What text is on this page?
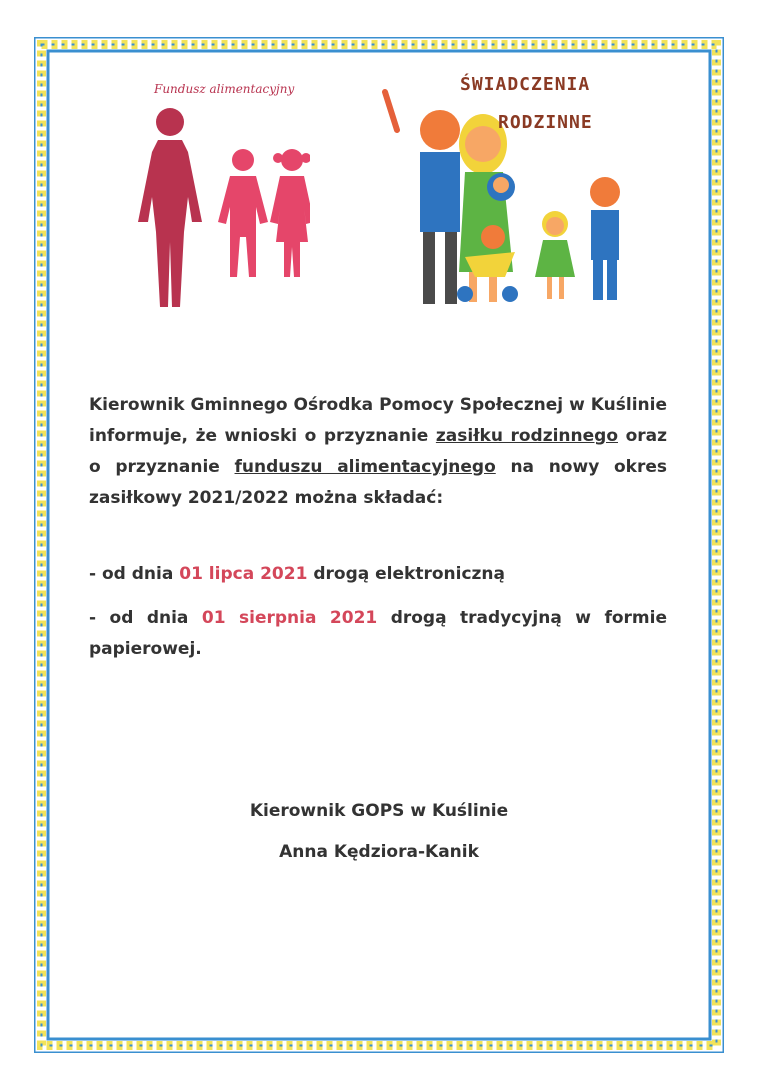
Fundusz alimentacyjny	ŚWIADCZENIA
RODZINNE
Kierownik Gminnego Ośrodka Pomocy Społecznej w Kuślinie informuje, że wnioski o przyznanie zasiłku rodzinnego oraz o przyznanie funduszu alimentacyjnego na nowy okres zasiłkowy 2021/2022 można składać:
- od dnia 01 lipca 2021 drogą elektroniczną
- od dnia 01 sierpnia 2021 drogą tradycyjną w formie papierowej.
Kierownik GOPS w Kuślinie
Anna Kędziora-Kanik
